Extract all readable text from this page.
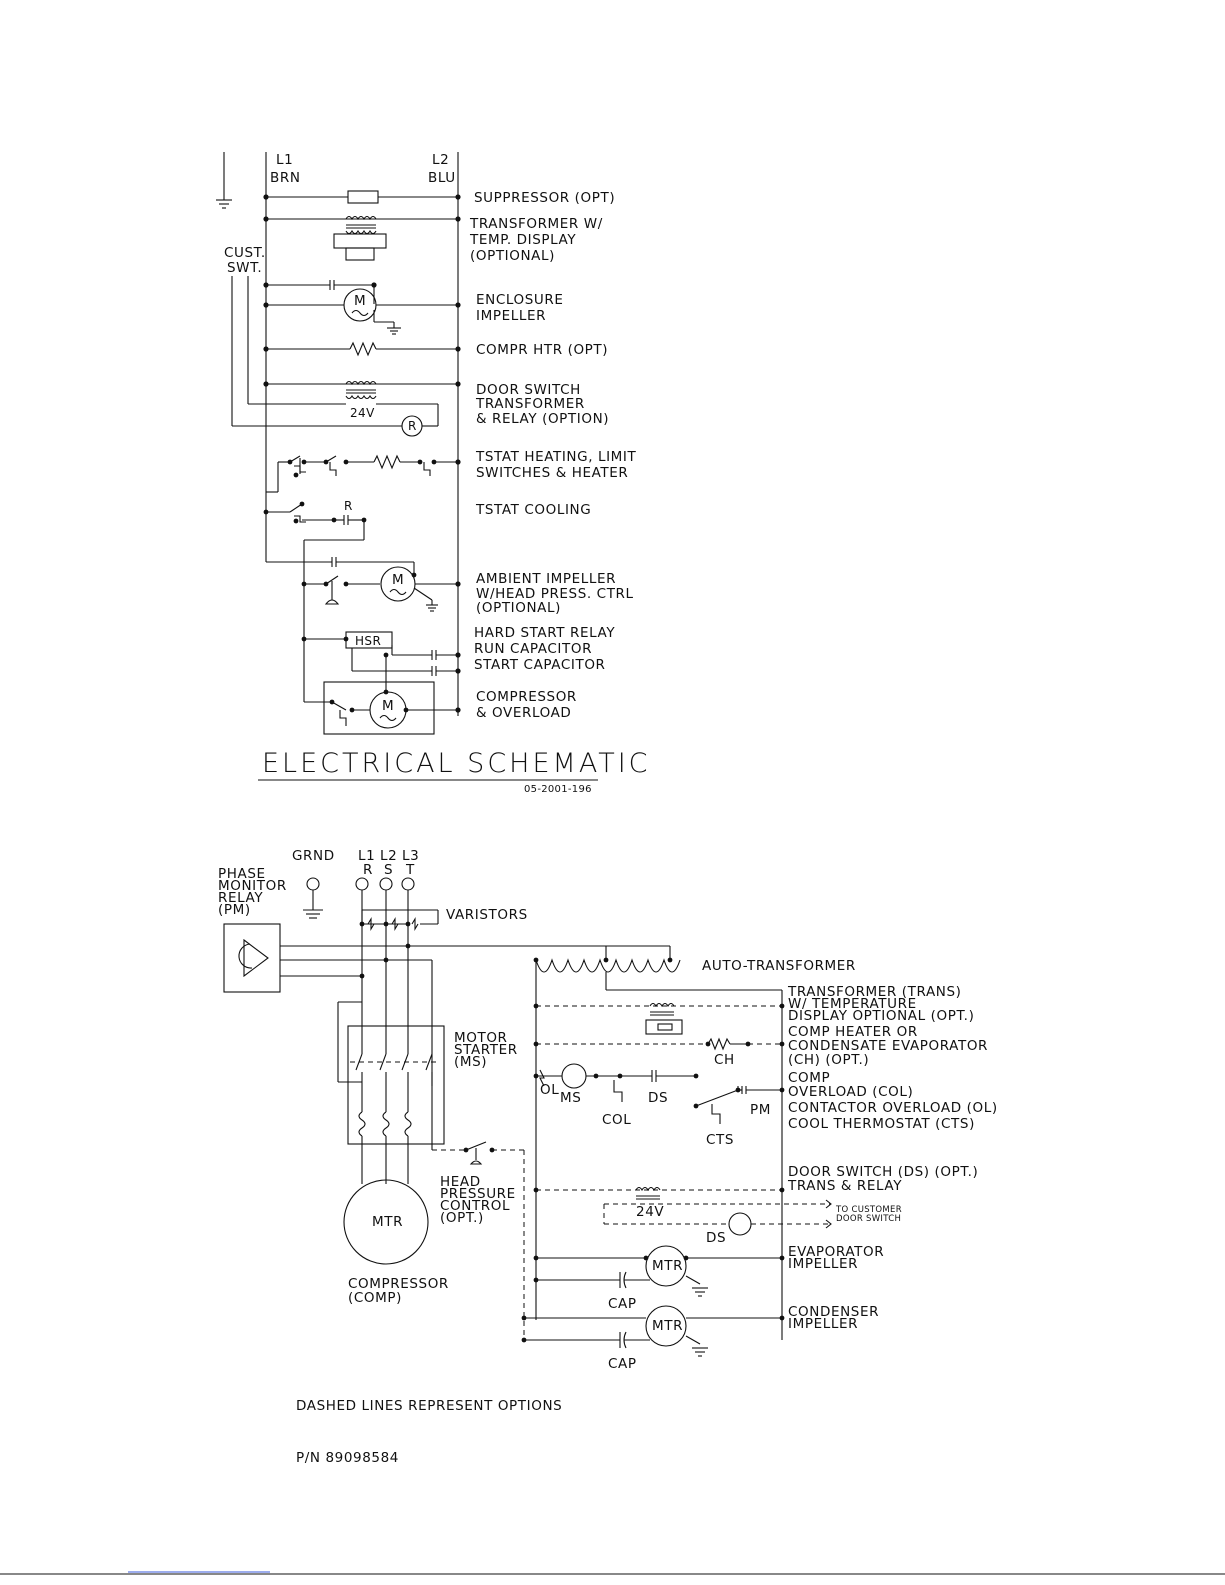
L1
BRN
L2
BLU
CUST.
SWT.
M
24V
R
R
M
HSR
M
SUPPRESSOR (OPT)
TRANSFORMER W/
TEMP. DISPLAY
(OPTIONAL)
ENCLOSURE
IMPELLER
COMPR HTR (OPT)
DOOR SWITCH
TRANSFORMER
& RELAY (OPTION)
TSTAT HEATING, LIMIT
SWITCHES & HEATER
TSTAT COOLING
AMBIENT IMPELLER
W/HEAD PRESS. CTRL
(OPTIONAL)
HARD START RELAY
RUN CAPACITOR
START CAPACITOR
COMPRESSOR
& OVERLOAD
ELECTRICAL SCHEMATIC
05-2001-196
GRND L1 L2 L3
R S T
PHASE
MONITOR
RELAY
(PM)	VARISTORS
AUTO-TRANSFORMER
MOTOR
STARTER
(MS)
MTR
COMPRESSOR
(COMP)
HEAD
PRESSURE
CONTROL
(OPT.)
CH
OL MS	DS
COL
PM
CTS
24V
DS
TO CUSTOMER
DOOR SWITCH
MTR
CAP
MTR
CAP
TRANSFORMER (TRANS)
W/ TEMPERATURE
DISPLAY OPTIONAL (OPT.)
COMP HEATER OR
CONDENSATE EVAPORATOR
(CH) (OPT.)
COMP
OVERLOAD (COL)
CONTACTOR OVERLOAD (OL)
COOL THERMOSTAT (CTS)
DOOR SWITCH (DS) (OPT.)
TRANS & RELAY
EVAPORATOR
IMPELLER
CONDENSER
IMPELLER
DASHED LINES REPRESENT OPTIONS
P/N 89098584
